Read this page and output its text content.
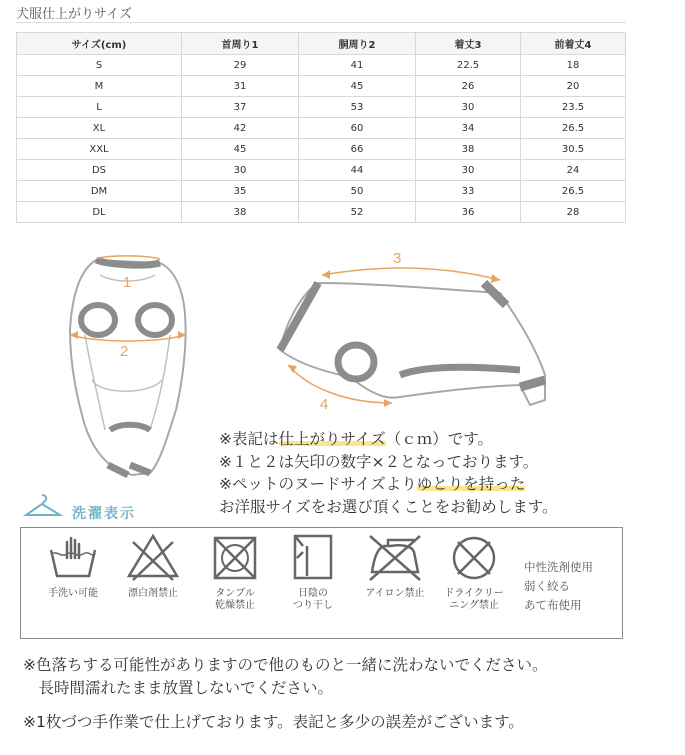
犬服仕上がりサイズ
サイズ(cm)	首周り1	胴周り2	着丈3	前着丈4
S	29	41	22.5	18
M	31	45	26	20
L	37	53	30	23.5
XL	42	60	34	26.5
XXL	45	66	38	30.5
DS	30	44	30	24
DM	35	50	33	26.5
DL	38	52	36	28
1
2
3
4
※表記は仕上がりサイズ（ｃｍ）です。
※１と２は矢印の数字×２となっております。
※ペットのヌードサイズよりゆとりを持った
お洋服サイズをお選び頂くことをお勧めします。
洗濯表示
手洗い可能	漂白剤禁止	タンブル
乾燥禁止
日陰の
つり干し
アイロン禁止	ドライクリー
ニング禁止
中性洗剤使用
弱く絞る
あて布使用
※色落ちする可能性がありますので他のものと一緒に洗わないでください。
　長時間濡れたまま放置しないでください。
※1枚づつ手作業で仕上げております。表記と多少の誤差がございます。
